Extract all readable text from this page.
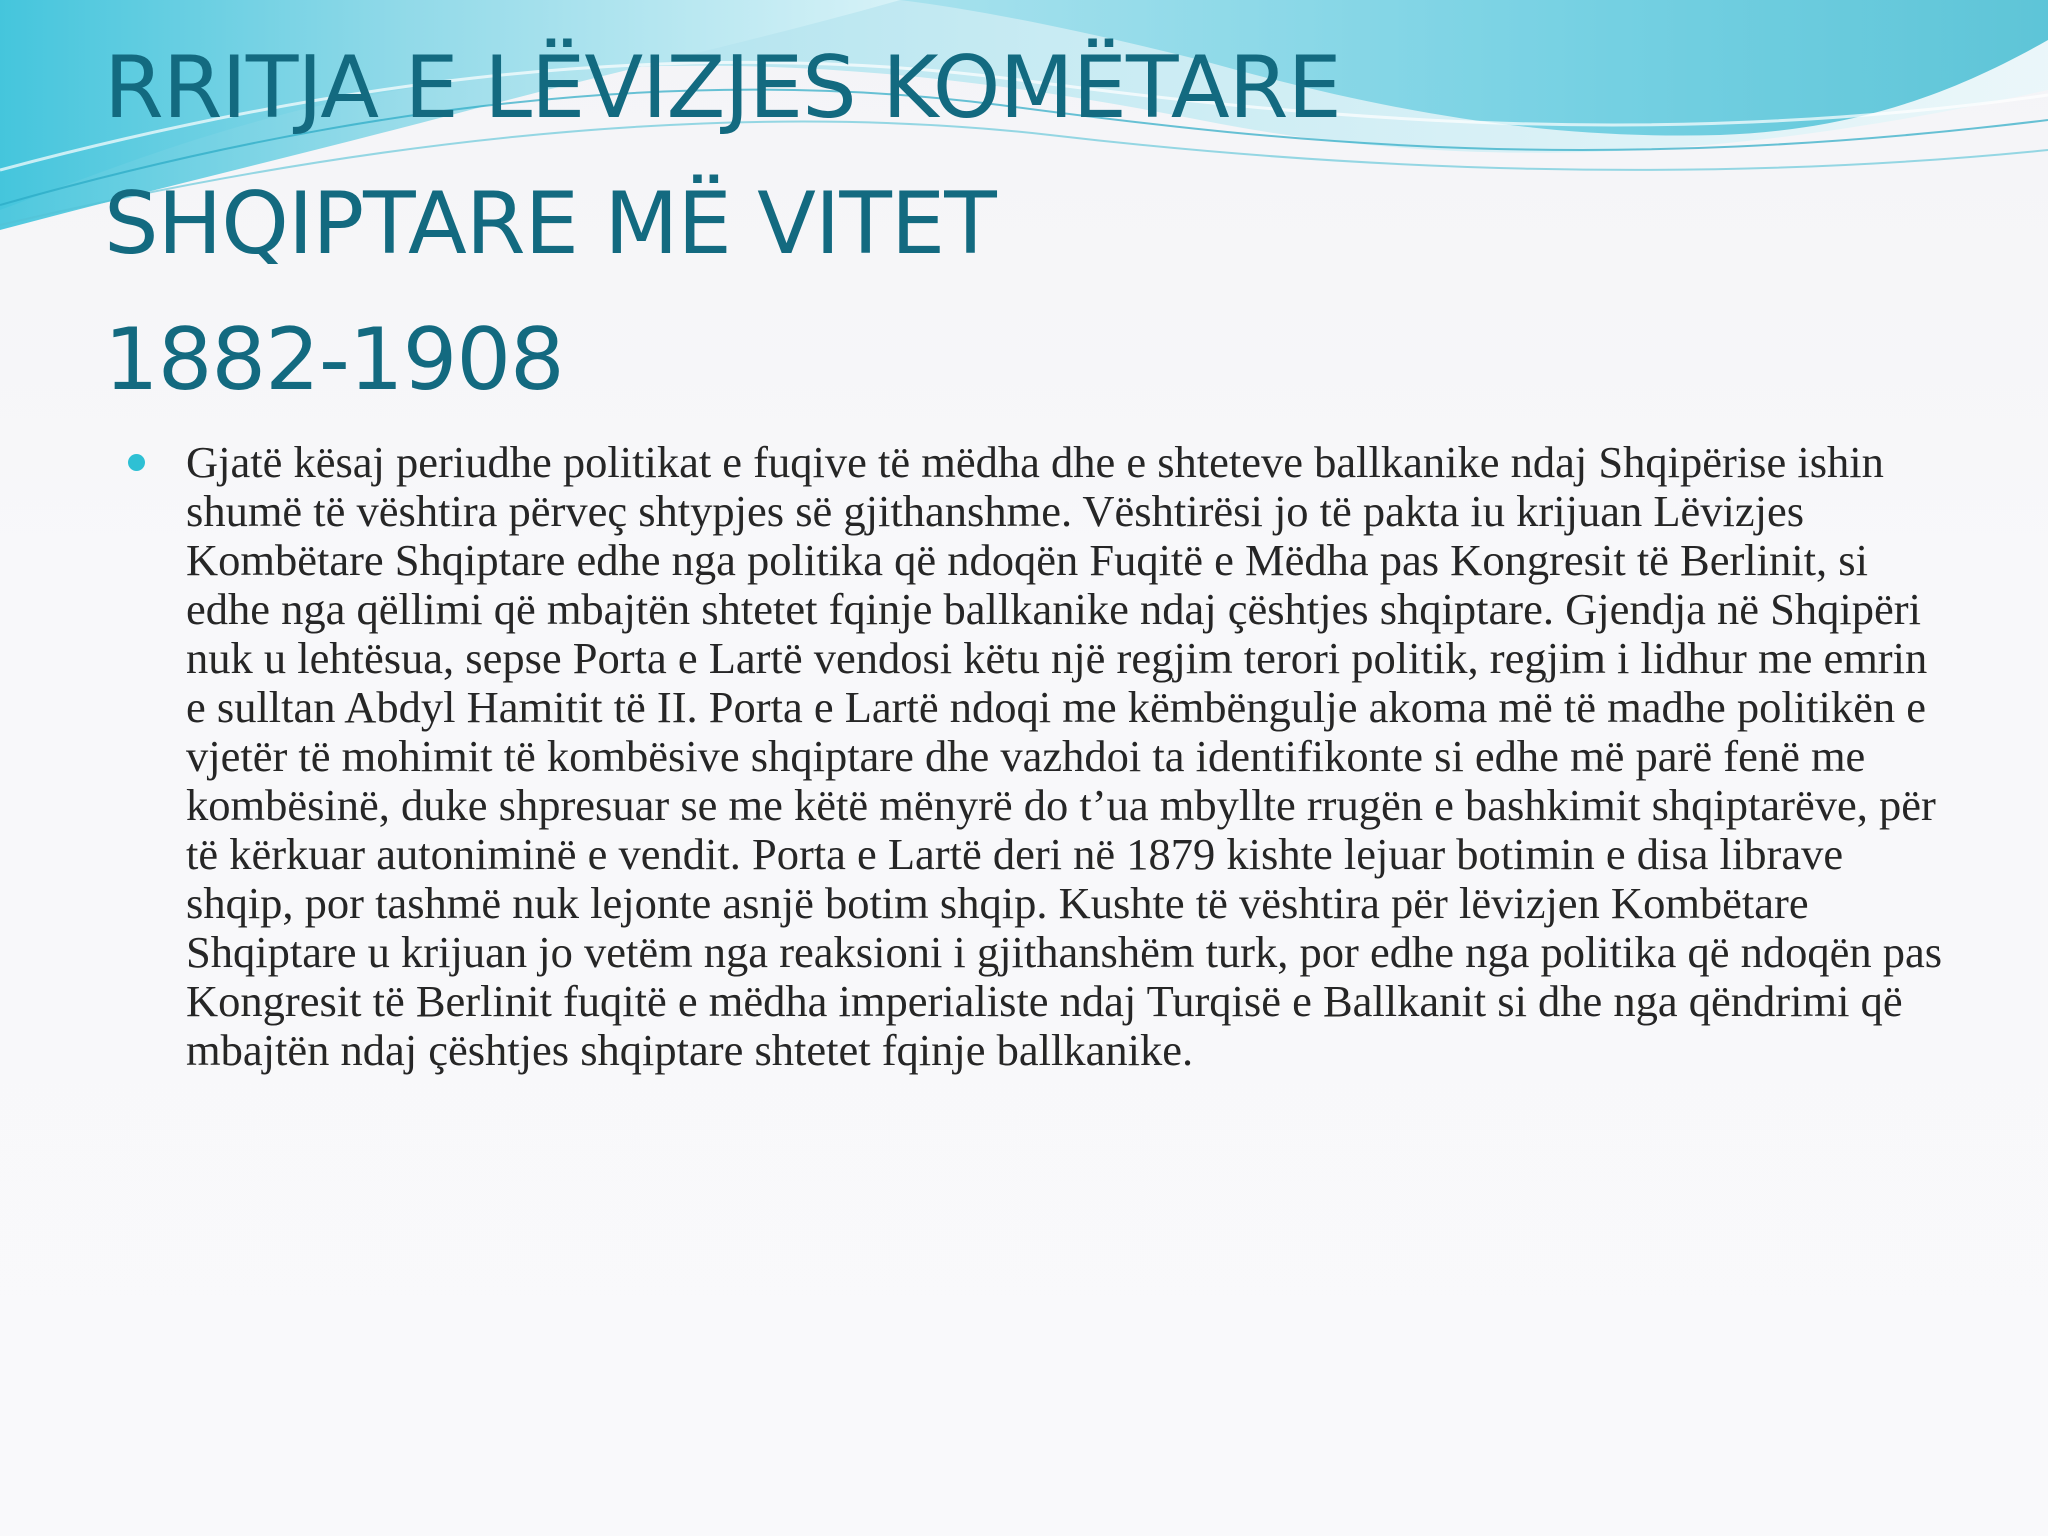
RRITJA E LËVIZJES KOMËTARE
SHQIPTARE MË VITET
1882-1908

Gjatë kësaj periudhe politikat e fuqive të mëdha dhe e shteteve ballkanike ndaj Shqipërise ishin shumë të vështira përveç shtypjes së gjithanshme. Vështirësi jo të pakta iu krijuan Lëvizjes Kombëtare Shqiptare edhe nga politika që ndoqën Fuqitë e Mëdha pas Kongresit të Berlinit, si edhe nga qëllimi që mbajtën shtetet fqinje ballkanike ndaj çështjes shqiptare. Gjendja në Shqipëri nuk u lehtësua, sepse Porta e Lartë vendosi këtu një regjim terori politik, regjim i lidhur me emrin e sulltan Abdyl Hamitit të II. Porta e Lartë ndoqi me këmbëngulje akoma më të madhe politikën e vjetër të mohimit të kombësive shqiptare dhe vazhdoi ta identifikonte si edhe më parë fenë me kombësinë, duke shpresuar se me këtë mënyrë do t’ua mbyllte rrugën e bashkimit shqiptarëve, për të kërkuar autoniminë e vendit. Porta e Lartë deri në 1879 kishte lejuar botimin e disa librave shqip, por tashmë nuk lejonte asnjë botim shqip. Kushte të vështira për lëvizjen Kombëtare Shqiptare u krijuan jo vetëm nga reaksioni i gjithanshëm turk, por edhe nga politika që ndoqën pas Kongresit të Berlinit fuqitë e mëdha imperialiste ndaj Turqisë e Ballkanit si dhe nga qëndrimi që mbajtën ndaj çështjes shqiptare shtetet fqinje ballkanike.
